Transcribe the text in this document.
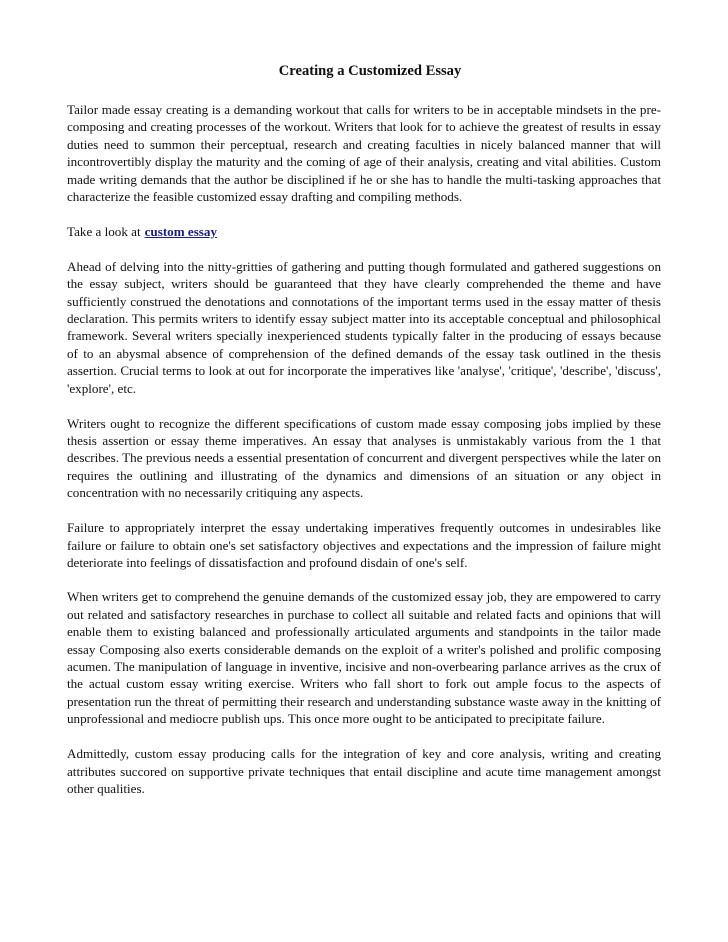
Creating a Customized Essay

Tailor made essay creating is a demanding workout that calls for writers to be in acceptable mindsets in the pre-composing and creating processes of the workout. Writers that look for to achieve the greatest of results in essay duties need to summon their perceptual, research and creating faculties in nicely balanced manner that will incontrovertibly display the maturity and the coming of age of their analysis, creating and vital abilities. Custom made writing demands that the author be disciplined if he or she has to handle the multi-tasking approaches that characterize the feasible customized essay drafting and compiling methods.

Take a look at custom essay

Ahead of delving into the nitty-gritties of gathering and putting though formulated and gathered suggestions on the essay subject, writers should be guaranteed that they have clearly comprehended the theme and have sufficiently construed the denotations and connotations of the important terms used in the essay matter of thesis declaration. This permits writers to identify essay subject matter into its acceptable conceptual and philosophical framework. Several writers specially inexperienced students typically falter in the producing of essays because of to an abysmal absence of comprehension of the defined demands of the essay task outlined in the thesis assertion. Crucial terms to look at out for incorporate the imperatives like 'analyse', 'critique', 'describe', 'discuss', 'explore', etc.

Writers ought to recognize the different specifications of custom made essay composing jobs implied by these thesis assertion or essay theme imperatives. An essay that analyses is unmistakably various from the 1 that describes. The previous needs a essential presentation of concurrent and divergent perspectives while the later on requires the outlining and illustrating of the dynamics and dimensions of an situation or any object in concentration with no necessarily critiquing any aspects.

Failure to appropriately interpret the essay undertaking imperatives frequently outcomes in undesirables like failure or failure to obtain one's set satisfactory objectives and expectations and the impression of failure might deteriorate into feelings of dissatisfaction and profound disdain of one's self.

When writers get to comprehend the genuine demands of the customized essay job, they are empowered to carry out related and satisfactory researches in purchase to collect all suitable and related facts and opinions that will enable them to existing balanced and professionally articulated arguments and standpoints in the tailor made essay Composing also exerts considerable demands on the exploit of a writer's polished and prolific composing acumen. The manipulation of language in inventive, incisive and non-overbearing parlance arrives as the crux of the actual custom essay writing exercise. Writers who fall short to fork out ample focus to the aspects of presentation run the threat of permitting their research and understanding substance waste away in the knitting of unprofessional and mediocre publish ups. This once more ought to be anticipated to precipitate failure.

Admittedly, custom essay producing calls for the integration of key and core analysis, writing and creating attributes succored on supportive private techniques that entail discipline and acute time management amongst other qualities.
